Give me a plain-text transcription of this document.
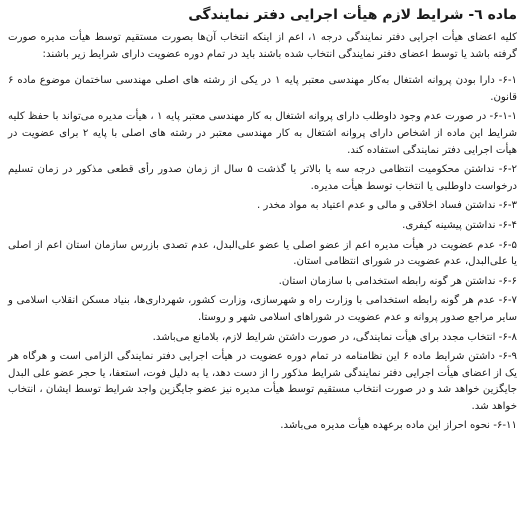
ماده ٦- شرایط لازم هیأت اجرایی دفتر نمایندگی

کلیه اعضای هیأت اجرایی دفتر نمایندگی درجه ۱، اعم از اینکه انتخاب آن‌ها بصورت مستقیم توسط هیأت مدیره صورت گرفته باشد یا توسط اعضای دفتر نمایندگی انتخاب شده باشند باید در تمام دوره عضویت دارای شرایط زیر باشند:

۶-۱- دارا بودن پروانه اشتغال به‌کار مهندسی معتبر پایه ۱ در یکی از رشته های اصلی مهندسی ساختمان موضوع ماده ۶ قانون.

۶-۱-۱- در صورت عدم وجود داوطلب دارای پروانه اشتغال به کار مهندسی معتبر پایه ۱ ، هیأت مدیره می‌تواند با حفظ کلیه شرایط این ماده از اشخاص دارای پروانه اشتغال به کار مهندسی معتبر در رشته های اصلی با پایه ۲ برای عضویت در هیأت اجرایی دفتر نمایندگی استفاده کند.

۶-۲- نداشتن محکومیت انتظامی درجه سه یا بالاتر یا گذشت ۵ سال از زمان صدور رأی قطعی مذکور در زمان تسلیم درخواست داوطلبی یا انتخاب توسط هیأت مدیره.

۶-۳- نداشتن فساد اخلاقی و مالی و عدم اعتیاد به مواد مخدر .

۶-۴- نداشتن پیشینه کیفری.

۶-۵- عدم عضویت در هیأت مدیره اعم از عضو اصلی یا عضو علی‌البدل، عدم تصدی بازرس سازمان استان اعم از اصلی یا علی‌البدل، عدم عضویت در شورای انتظامی استان.

۶-۶- نداشتن هر گونه رابطه استخدامی با سازمان استان.

۶-۷- عدم هر گونه رابطه استخدامی با وزارت راه و شهرسازی، وزارت کشور، شهرداری‌ها، بنیاد مسکن انقلاب اسلامی و سایر مراجع صدور پروانه و عدم عضویت در شوراهای اسلامی شهر و روستا.

۶-۸- انتخاب مجدد برای هیأت نمایندگی، در صورت داشتن شرایط لازم، بلامانع می‌باشد.

۶-۹- داشتن شرایط ماده ۶ این نظامنامه در تمام دوره عضویت در هیأت اجرایی دفتر نمایندگی الزامی است و هرگاه هر یک از اعضای هیأت اجرایی دفتر نمایندگی شرایط مذکور را از دست دهد، یا به دلیل فوت، استعفا، یا حجر عضو علی البدل جایگزین خواهد شد و در صورت انتخاب مستقیم توسط هیأت مدیره نیز عضو جایگزین واجد شرایط توسط ایشان ، انتخاب خواهد شد.

۶-۱۱- نحوه احراز این ماده برعهده هیأت مدیره می‌باشد.
